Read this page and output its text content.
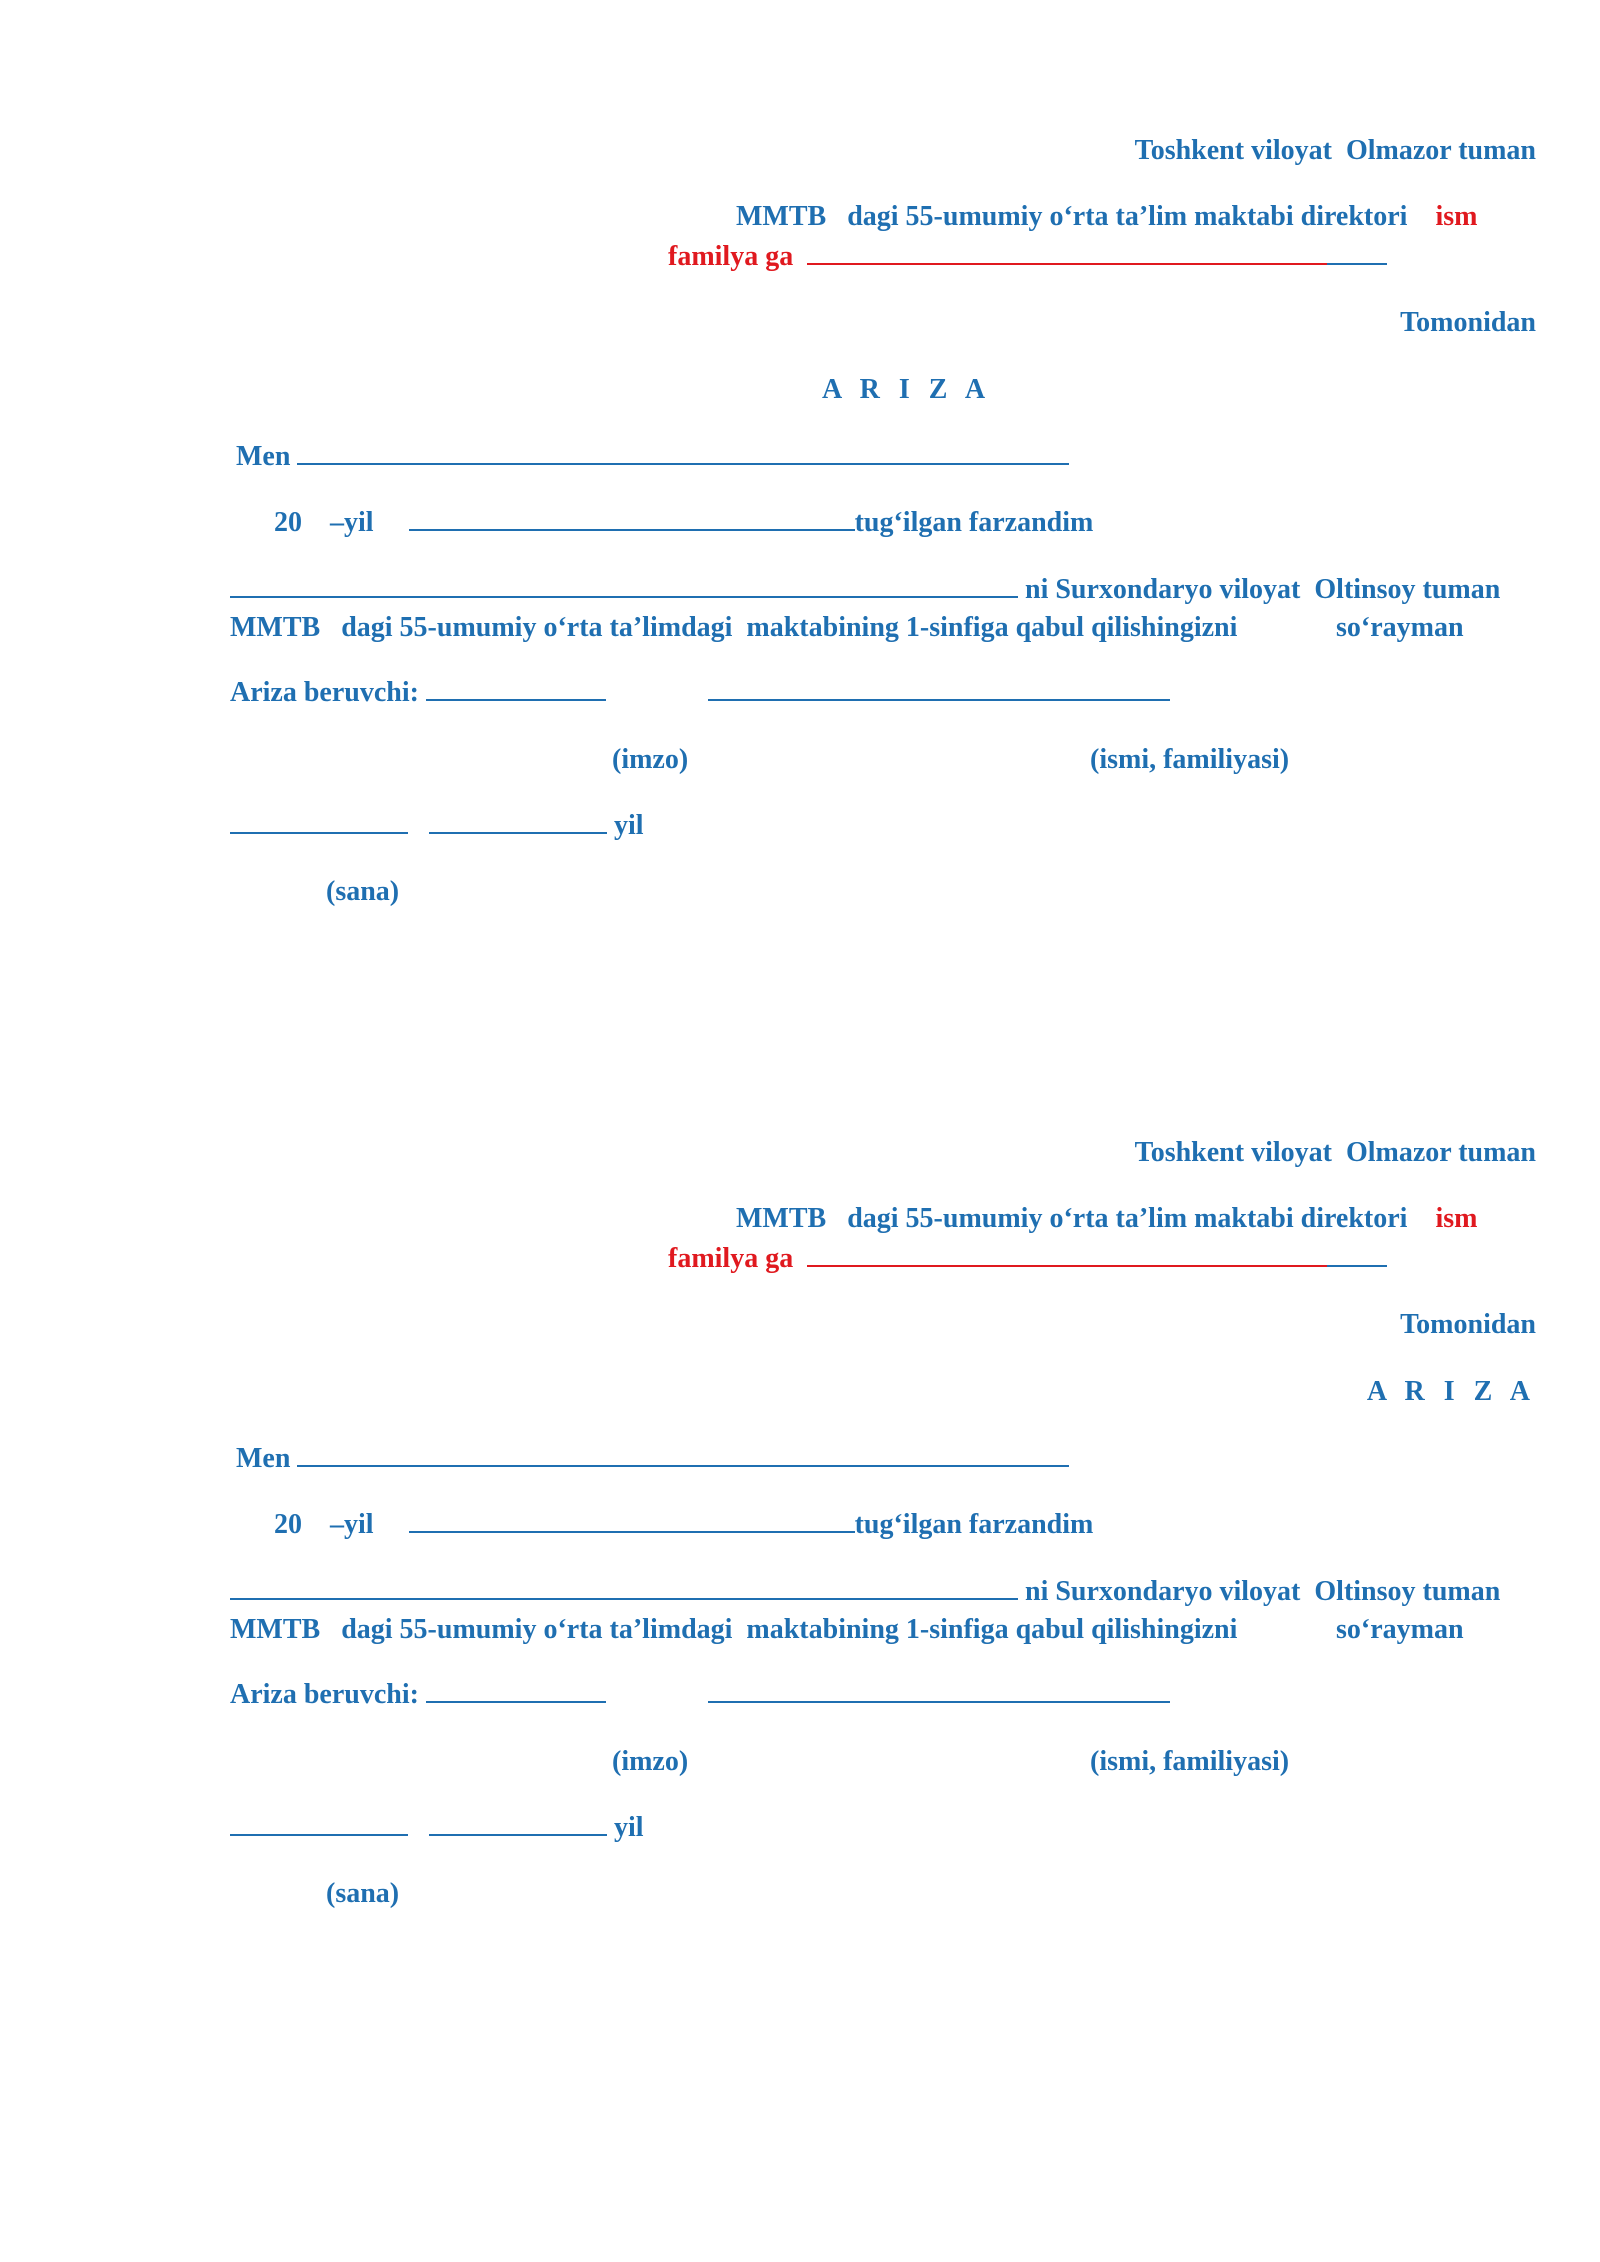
Toshkent viloyat  Olmazor tuman
MMTB   dagi 55-umumiy o‘rta ta’lim maktabi direktori ism
familya ga
Tomonidan
A R I Z A
Men
20 –yil	tug‘ilgan farzandim
ni Surxondaryo viloyat  Oltinsoy tuman
MMTB   dagi 55-umumiy o‘rta ta’limdagi  maktabining 1-sinfiga qabul qilishingizni	so‘rayman
Ariza beruvchi:
(imzo)	(ismi, familiyasi)
yil
(sana)
Toshkent viloyat  Olmazor tuman
MMTB   dagi 55-umumiy o‘rta ta’lim maktabi direktori ism
familya ga
Tomonidan
A R I Z A
Men
20 –yil	tug‘ilgan farzandim
ni Surxondaryo viloyat  Oltinsoy tuman
MMTB   dagi 55-umumiy o‘rta ta’limdagi  maktabining 1-sinfiga qabul qilishingizni	so‘rayman
Ariza beruvchi:
(imzo)	(ismi, familiyasi)
yil
(sana)
